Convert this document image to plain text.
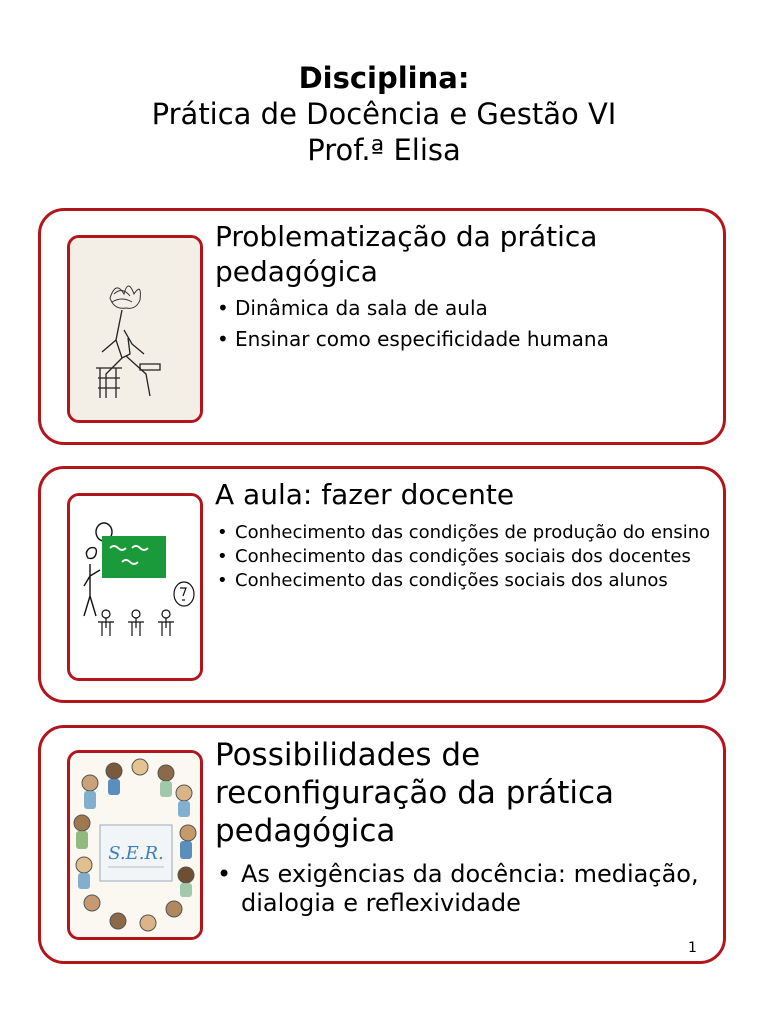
Disciplina:
Prática de Docência e Gestão VI
Prof.ª Elisa
Problematização da prática pedagógica
• Dinâmica da sala de aula
• Ensinar como especificidade humana
A aula: fazer docente
• Conhecimento das condições de produção do ensino
• Conhecimento das condições sociais dos docentes
• Conhecimento das condições sociais dos alunos
S.E.R.
Possibilidades de reconfiguração da prática pedagógica
• As exigências da docência: mediação, dialogia e reflexividade
1
